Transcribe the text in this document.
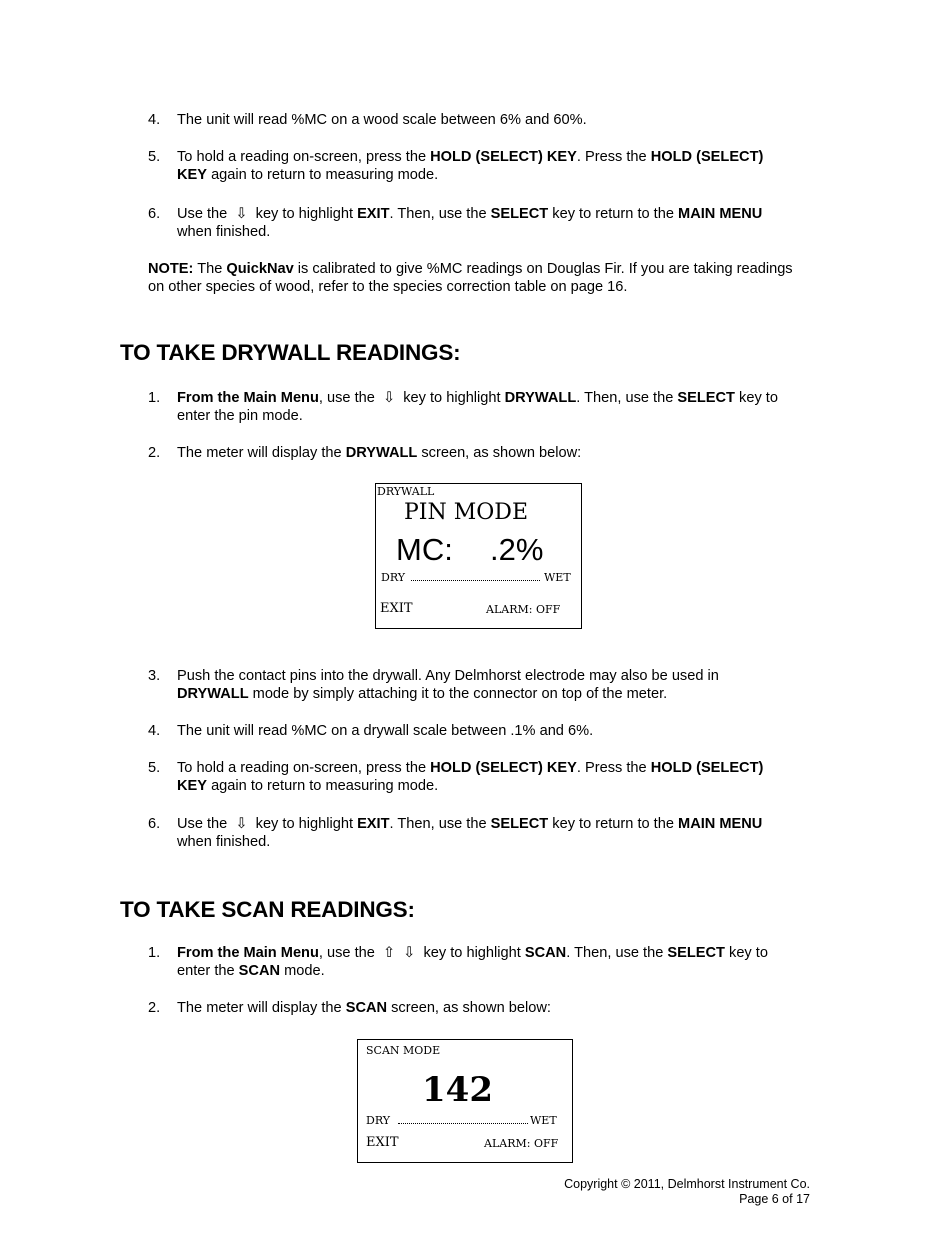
4. The unit will read %MC on a wood scale between 6% and 60%.
5. To hold a reading on-screen, press the HOLD (SELECT) KEY. Press the HOLD (SELECT) KEY again to return to measuring mode.
6. Use the ⇩ key to highlight EXIT. Then, use the SELECT key to return to the MAIN MENU when finished.
NOTE: The QuickNav is calibrated to give %MC readings on Douglas Fir. If you are taking readings on other species of wood, refer to the species correction table on page 16.
TO TAKE DRYWALL READINGS:
1. From the Main Menu, use the ⇩ key to highlight DRYWALL. Then, use the SELECT key to enter the pin mode.
2. The meter will display the DRYWALL screen, as shown below:
DRYWALL
PIN MODE
MC: .2%
DRY	WET
EXIT	ALARM: OFF
3. Push the contact pins into the drywall. Any Delmhorst electrode may also be used in DRYWALL mode by simply attaching it to the connector on top of the meter.
4. The unit will read %MC on a drywall scale between .1% and 6%.
5. To hold a reading on-screen, press the HOLD (SELECT) KEY. Press the HOLD (SELECT) KEY again to return to measuring mode.
6. Use the ⇩ key to highlight EXIT. Then, use the SELECT key to return to the MAIN MENU when finished.
TO TAKE SCAN READINGS:
1. From the Main Menu, use the ⇧ ⇩ key to highlight SCAN. Then, use the SELECT key to enter the SCAN mode.
2. The meter will display the SCAN screen, as shown below:
SCAN MODE
142
DRY	WET
EXIT	ALARM: OFF
Copyright © 2011, Delmhorst Instrument Co.
Page 6 of 17
